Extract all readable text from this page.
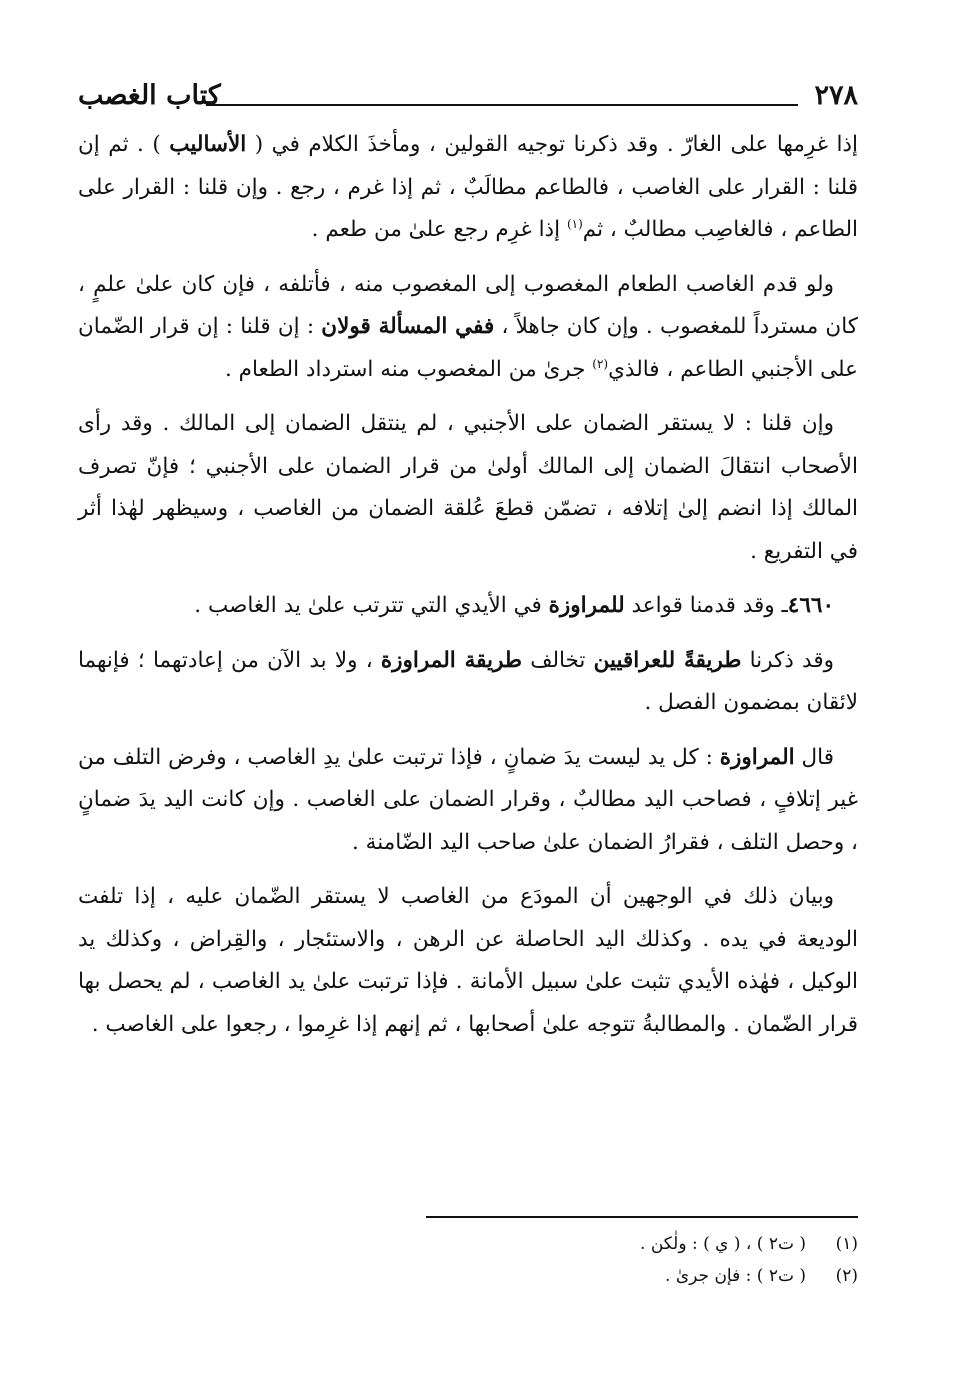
٢٧٨
كتاب الغصب

إذا غرِمها على الغارّ . وقد ذكرنا توجيه القولين ، ومأخذَ الكلام في ( الأساليب ) . ثم إن قلنا : القرار على الغاصب ، فالطاعم مطالَبٌ ، ثم إذا غرم ، رجع . وإن قلنا : القرار على الطاعم ، فالغاصِب مطالبٌ ، ثم$^{(١)}$ إذا غرِم رجع علىٰ من طعم .

ولو قدم الغاصب الطعام المغصوب إلى المغصوب منه ، فأتلفه ، فإن كان علىٰ علمٍ ، كان مسترداً للمغصوب . وإن كان جاهلاً ، ففي المسألة قولان : إن قلنا : إن قرار الضّمان على الأجنبي الطاعم ، فالذي$^{(٢)}$ جرىٰ من المغصوب منه استرداد الطعام .

وإن قلنا : لا يستقر الضمان على الأجنبي ، لم ينتقل الضمان إلى المالك . وقد رأى الأصحاب انتقالَ الضمان إلى المالك أولىٰ من قرار الضمان على الأجنبي ؛ فإنّ تصرف المالك إذا انضم إلىٰ إتلافه ، تضمّن قطعَ عُلقة الضمان من الغاصب ، وسيظهر لهٰذا أثر في التفريع .

٤٦٦٠ـ وقد قدمنا قواعد للمراوزة في الأيدي التي تترتب علىٰ يد الغاصب .

وقد ذكرنا طريقةً للعراقيين تخالف طريقة المراوزة ، ولا بد الآن من إعادتهما ؛ فإنهما لائقان بمضمون الفصل .

قال المراوزة : كل يد ليست يدَ ضمانٍ ، فإذا ترتبت علىٰ يدِ الغاصب ، وفرض التلف من غير إتلافٍ ، فصاحب اليد مطالبٌ ، وقرار الضمان على الغاصب . وإن كانت اليد يدَ ضمانٍ ، وحصل التلف ، فقرارُ الضمان علىٰ صاحب اليد الضّامنة .

وبيان ذلك في الوجهين أن المودَع من الغاصب لا يستقر الضّمان عليه ، إذا تلفت الوديعة في يده . وكذلك اليد الحاصلة عن الرهن ، والاستئجار ، والقِراض ، وكذلك يد الوكيل ، فهٰذه الأيدي تثبت علىٰ سبيل الأمانة . فإذا ترتبت علىٰ يد الغاصب ، لم يحصل بها قرار الضّمان . والمطالبةُ تتوجه علىٰ أصحابها ، ثم إنهم إذا غرِموا ، رجعوا على الغاصب .

(١)( ت٢ ) ، ( ي ) : ولٰكن .
(٢)( ت٢ ) : فإن جرىٰ .
